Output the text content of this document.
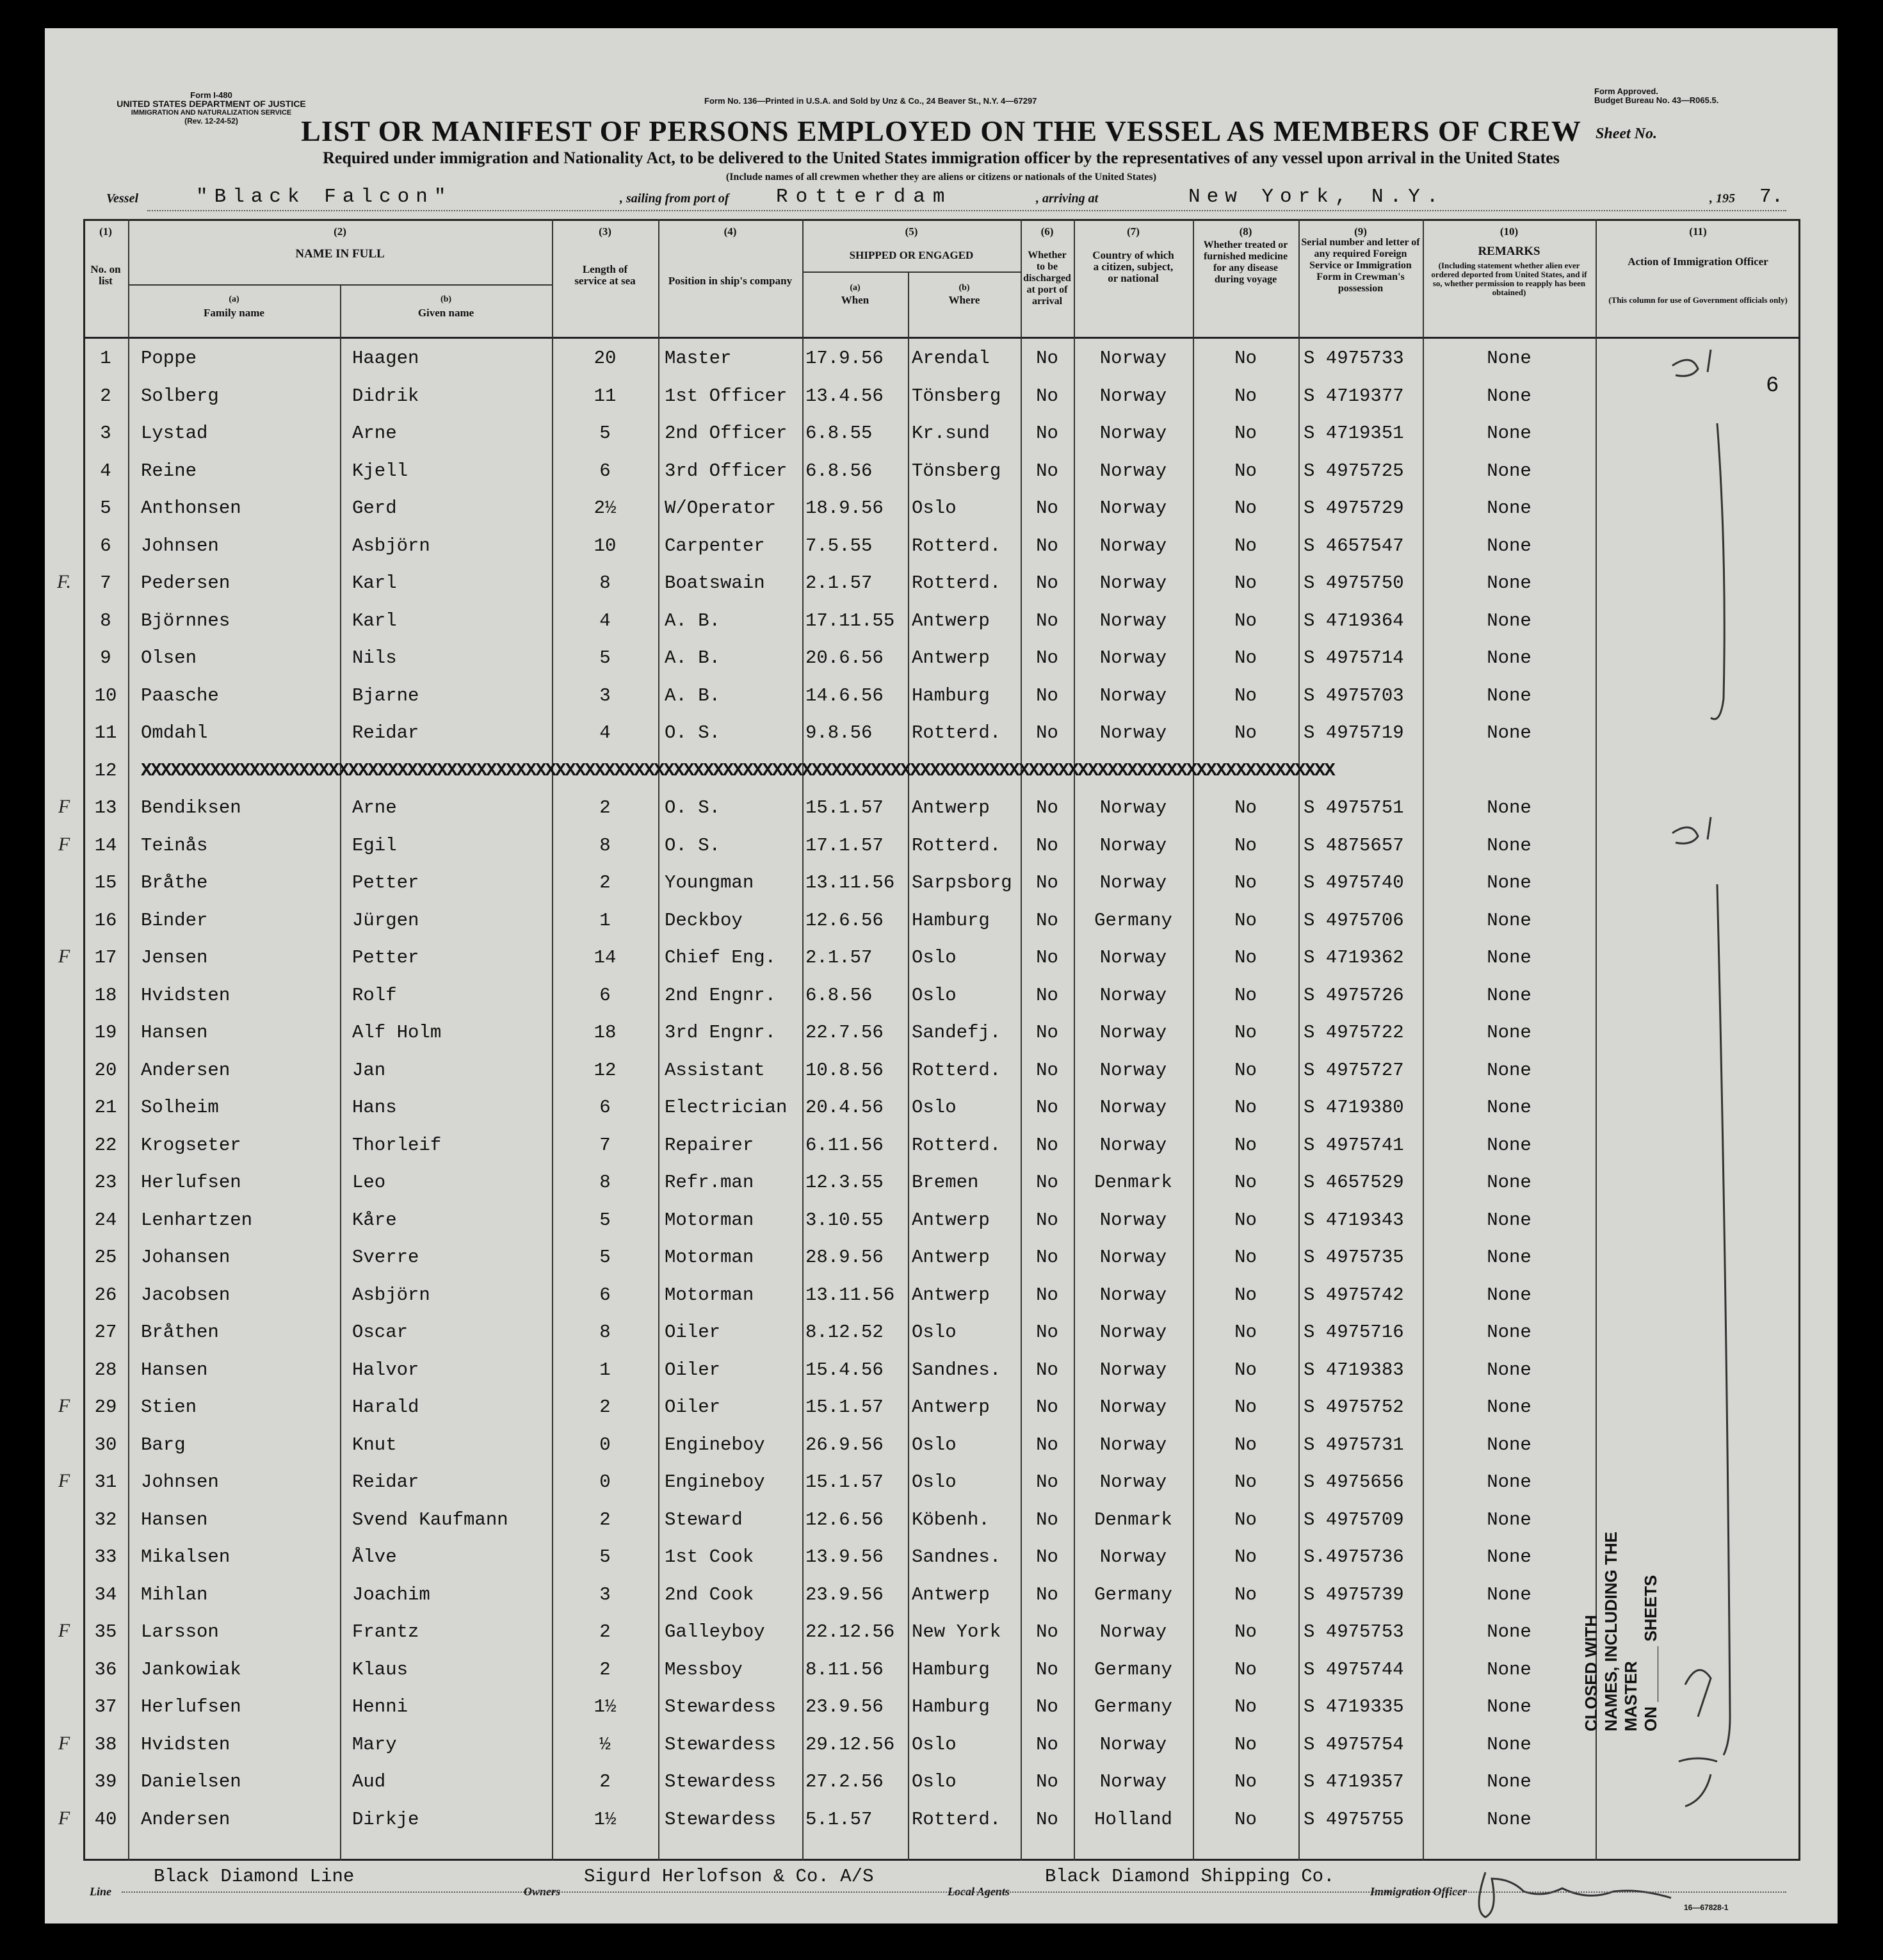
Form I-480
UNITED STATES DEPARTMENT OF JUSTICE
IMMIGRATION AND NATURALIZATION SERVICE
(Rev. 12-24-52)
Form No. 136—Printed in U.S.A. and Sold by Unz & Co., 24 Beaver St., N.Y. 4—67297
Form Approved.
Budget Bureau No. 43—R065.5.
LIST OR MANIFEST OF PERSONS EMPLOYED ON THE VESSEL AS MEMBERS OF CREW Sheet No.
Required under immigration and Nationality Act, to be delivered to the United States immigration officer by the representatives of any vessel upon arrival in the United States
(Include names of all crewmen whether they are aliens or citizens or nationals of the United States)
Vessel	"Black Falcon"	, sailing from port of Rotterdam	, arriving at	New York, N.Y.	, 195 7.
(1)
No. on list
(2)
NAME IN FULL
(a)
Family name
(b)
Given name
(3)
Length of service at sea
(4)
Position in ship's company
(5)
SHIPPED OR ENGAGED
(a)
When
(b)
Where
(6)
Whether to be discharged at port of arrival
(7)
Country of which a citizen, subject, or national
(8)
Whether treated or furnished medicine for any disease during voyage
(9)
Serial number and letter of any required Foreign Service or Immigration Form in Crewman's possession
(10)
REMARKS
(Including statement whether alien ever ordered deported from United States, and if so, whether permission to reapply has been obtained)
(11)
Action of Immigration Officer
(This column for use of Government officials only)
1	Poppe	Haagen	20	Master	17.9.56	Arendal	No	Norway	No	S 4975733	None
2	Solberg	Didrik	11	1st Officer 13.4.56	Tönsberg	No	Norway	No	S 4719377	None
3	Lystad	Arne	5	2nd Officer 6.8.55	Kr.sund	No	Norway	No	S 4719351	None
4	Reine	Kjell	6	3rd Officer 6.8.56	Tönsberg	No	Norway	No	S 4975725	None
5	Anthonsen	Gerd	2½	W/Operator	18.9.56	Oslo	No	Norway	No	S 4975729	None
6	Johnsen	Asbjörn	10	Carpenter	7.5.55	Rotterd.	No	Norway	No	S 4657547	None
7	Pedersen	Karl	8	Boatswain	2.1.57	Rotterd.	No	Norway	No	S 4975750	None
F.
8	Björnnes	Karl	4	A. B.	17.11.55 Antwerp	No	Norway	No	S 4719364	None
9	Olsen	Nils	5	A. B.	20.6.56	Antwerp	No	Norway	No	S 4975714	None
10	Paasche	Bjarne	3	A. B.	14.6.56	Hamburg	No	Norway	No	S 4975703	None
11	Omdahl	Reidar	4	O. S.	9.8.56	Rotterd.	No	Norway	No	S 4975719	None
12	XXXXXXXXXXXXXXXXXXXXXXXXXXXXXXXXXXXXXXXXXXXXXXXXXXXXXXXXXXXXXXXXXXXXXXXXXXXXXXXXXXXXXXXXXXXXXXXXXXXXXXXXXXXXXXXXXXXXXXXXX
13	Bendiksen	Arne	2	O. S.	15.1.57	Antwerp	No	Norway	No	S 4975751	None
F
14	Teinås	Egil	8	O. S.	17.1.57	Rotterd.	No	Norway	No	S 4875657	None
F
15	Bråthe	Petter	2	Youngman	13.11.56 Sarpsborg	No	Norway	No	S 4975740	None
16	Binder	Jürgen	1	Deckboy	12.6.56	Hamburg	No	Germany	No	S 4975706	None
17	Jensen	Petter	14	Chief Eng.	2.1.57	Oslo	No	Norway	No	S 4719362	None
F
18	Hvidsten	Rolf	6	2nd Engnr.	6.8.56	Oslo	No	Norway	No	S 4975726	None
19	Hansen	Alf Holm	18	3rd Engnr.	22.7.56	Sandefj.	No	Norway	No	S 4975722	None
20	Andersen	Jan	12	Assistant	10.8.56	Rotterd.	No	Norway	No	S 4975727	None
21	Solheim	Hans	6	Electrician 20.4.56	Oslo	No	Norway	No	S 4719380	None
22	Krogseter	Thorleif	7	Repairer	6.11.56	Rotterd.	No	Norway	No	S 4975741	None
23	Herlufsen	Leo	8	Refr.man	12.3.55	Bremen	No	Denmark	No	S 4657529	None
24	Lenhartzen	Kåre	5	Motorman	3.10.55	Antwerp	No	Norway	No	S 4719343	None
25	Johansen	Sverre	5	Motorman	28.9.56	Antwerp	No	Norway	No	S 4975735	None
26	Jacobsen	Asbjörn	6	Motorman	13.11.56 Antwerp	No	Norway	No	S 4975742	None
27	Bråthen	Oscar	8	Oiler	8.12.52	Oslo	No	Norway	No	S 4975716	None
28	Hansen	Halvor	1	Oiler	15.4.56	Sandnes.	No	Norway	No	S 4719383	None
29	Stien	Harald	2	Oiler	15.1.57	Antwerp	No	Norway	No	S 4975752	None
F
30	Barg	Knut	0	Engineboy	26.9.56	Oslo	No	Norway	No	S 4975731	None
31	Johnsen	Reidar	0	Engineboy	15.1.57	Oslo	No	Norway	No	S 4975656	None
F
32	Hansen	Svend Kaufmann	2	Steward	12.6.56	Köbenh.	No	Denmark	No	S 4975709	None
33	Mikalsen	Ålve	5	1st Cook	13.9.56	Sandnes.	No	Norway	No	S.4975736	None
34	Mihlan	Joachim	3	2nd Cook	23.9.56	Antwerp	No	Germany	No	S 4975739	None
35	Larsson	Frantz	2	Galleyboy	22.12.56 New York	No	Norway	No	S 4975753	None
F
36	Jankowiak	Klaus	2	Messboy	8.11.56	Hamburg	No	Germany	No	S 4975744	None
37	Herlufsen	Henni	1½	Stewardess	23.9.56	Hamburg	No	Germany	No	S 4719335	None
38	Hvidsten	Mary	½	Stewardess	29.12.56 Oslo	No	Norway	No	S 4975754	None
F
39	Danielsen	Aud	2	Stewardess	27.2.56	Oslo	No	Norway	No	S 4719357	None
40	Andersen	Dirkje	1½	Stewardess	5.1.57	Rotterd.	No	Holland	No	S 4975755	None
F
6
CLOSED WITH NAMES, INCLUDING THE MASTER ON ______ SHEETS
Line
Black Diamond Line
Owners
Sigurd Herlofson & Co. A/S
Local Agents
Black Diamond Shipping Co.
Immigration Officer
16—67828-1
